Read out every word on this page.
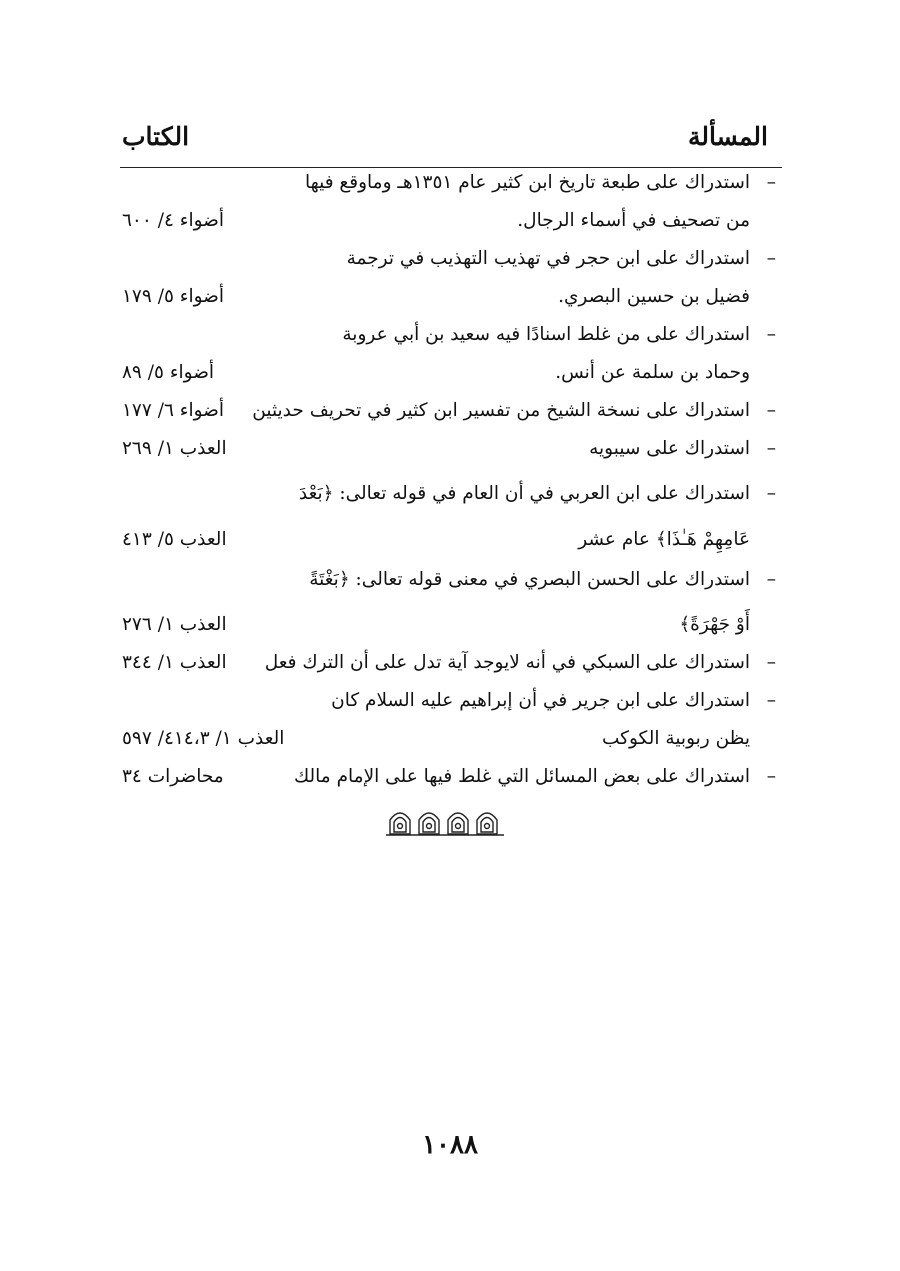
المسألة
الكتاب
–
استدراك على طبعة تاريخ ابن كثير عام ١٣٥١هـ وماوقع فيها
من تصحيف في أسماء الرجال.
أضواء ٤/ ٦٠٠
–
استدراك على ابن حجر في تهذيب التهذيب في ترجمة
فضيل بن حسين البصري.
أضواء ٥/ ١٧٩
–
استدراك على من غلط اسنادًا فيه سعيد بن أبي عروبة
وحماد بن سلمة عن أنس.
أضواء ٥/ ٨٩
–
استدراك على نسخة الشيخ من تفسير ابن كثير في تحريف حديثين
أضواء ٦/ ١٧٧
–
استدراك على سيبويه
العذب ١/ ٢٦٩
–
استدراك على ابن العربي في أن العام في قوله تعالى: ﴿بَعْدَ
عَامِهِمْ هَـٰذَا﴾ عام عشر
العذب ٥/ ٤١٣
–
استدراك على الحسن البصري في معنى قوله تعالى: ﴿بَغْتَةً
أَوْ جَهْرَةً﴾
العذب ١/ ٢٧٦
–
استدراك على السبكي في أنه لايوجد آية تدل على أن الترك فعل
العذب ١/ ٣٤٤
–
استدراك على ابن جرير في أن إبراهيم عليه السلام كان
يظن ربوبية الكوكب
العذب ١/ ٤١٤،٣/ ٥٩٧
–
استدراك على بعض المسائل التي غلط فيها على الإمام مالك
محاضرات ٣٤
١٠٨٨
